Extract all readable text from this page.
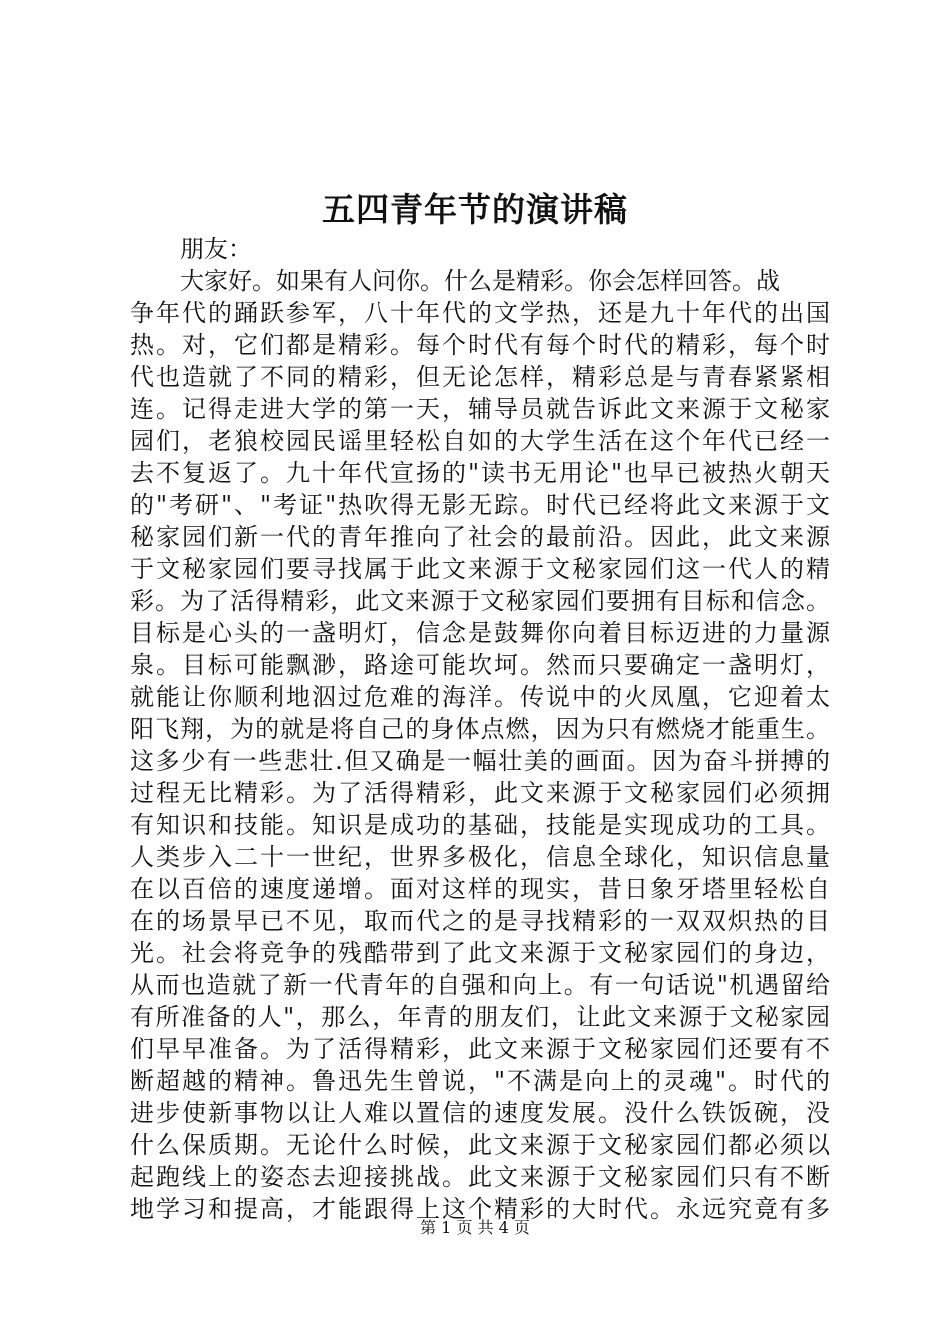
五四青年节的演讲稿
朋友：
大家好。如果有人问你。什么是精彩。你会怎样回答。战
争年代的踊跃参军，八十年代的文学热，还是九十年代的出国
热。对，它们都是精彩。每个时代有每个时代的精彩，每个时
代也造就了不同的精彩，但无论怎样，精彩总是与青春紧紧相
连。记得走进大学的第一天，辅导员就告诉此文来源于文秘家
园们，老狼校园民谣里轻松自如的大学生活在这个年代已经一
去不复返了。九十年代宣扬的"读书无用论"也早已被热火朝天
的"考研"、"考证"热吹得无影无踪。时代已经将此文来源于文
秘家园们新一代的青年推向了社会的最前沿。因此，此文来源
于文秘家园们要寻找属于此文来源于文秘家园们这一代人的精
彩。为了活得精彩，此文来源于文秘家园们要拥有目标和信念。
目标是心头的一盏明灯，信念是鼓舞你向着目标迈进的力量源
泉。目标可能飘渺，路途可能坎坷。然而只要确定一盏明灯，
就能让你顺利地泅过危难的海洋。传说中的火凤凰，它迎着太
阳飞翔，为的就是将自己的身体点燃，因为只有燃烧才能重生。
这多少有一些悲壮.但又确是一幅壮美的画面。因为奋斗拼搏的
过程无比精彩。为了活得精彩，此文来源于文秘家园们必须拥
有知识和技能。知识是成功的基础，技能是实现成功的工具。
人类步入二十一世纪，世界多极化，信息全球化，知识信息量
在以百倍的速度递增。面对这样的现实，昔日象牙塔里轻松自
在的场景早已不见，取而代之的是寻找精彩的一双双炽热的目
光。社会将竞争的残酷带到了此文来源于文秘家园们的身边，
从而也造就了新一代青年的自强和向上。有一句话说"机遇留给
有所准备的人"，那么，年青的朋友们，让此文来源于文秘家园
们早早准备。为了活得精彩，此文来源于文秘家园们还要有不
断超越的精神。鲁迅先生曾说，"不满是向上的灵魂"。时代的
进步使新事物以让人难以置信的速度发展。没什么铁饭碗，没
什么保质期。无论什么时候，此文来源于文秘家园们都必须以
起跑线上的姿态去迎接挑战。此文来源于文秘家园们只有不断
地学习和提高，才能跟得上这个精彩的大时代。永远究竟有多
第 1 页 共 4 页
